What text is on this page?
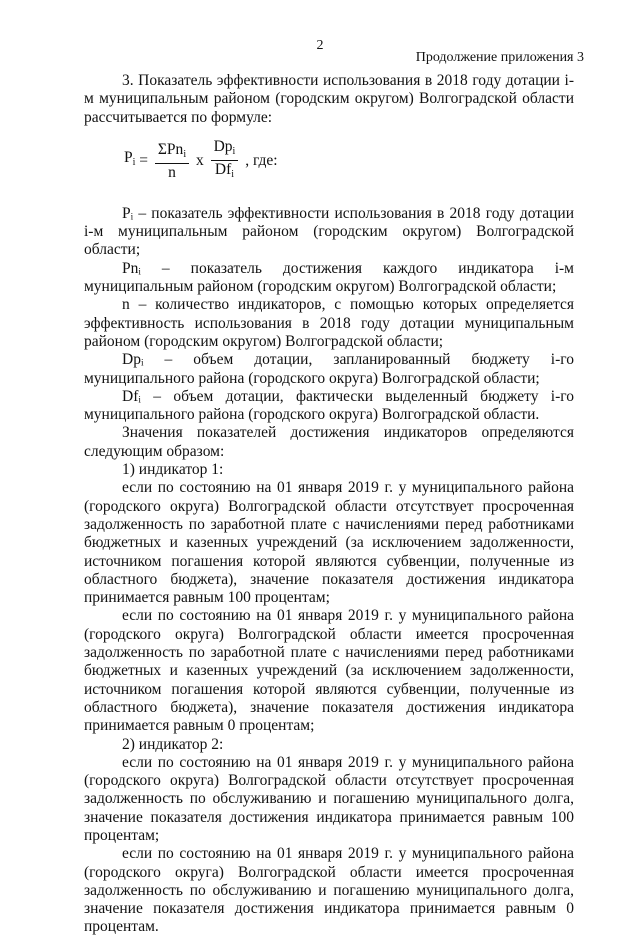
2
Продолжение приложения 3

3. Показатель эффективности использования в 2018 году дотации i-м муниципальным районом (городским округом) Волгоградской области рассчитывается по формуле:

$P_i = \frac{\Sigma Pn_i}{n}$ x $\frac{Dp_i}{Df_i}$ , где:

Pᵢ – показатель эффективности использования в 2018 году дотации i-м муниципальным районом (городским округом) Волгоградской области;

Pnᵢ – показатель достижения каждого индикатора i-м муниципальным районом (городским округом) Волгоградской области;

n – количество индикаторов, с помощью которых определяется эффективность использования в 2018 году дотации муниципальным районом (городским округом) Волгоградской области;

Dpᵢ – объем дотации, запланированный бюджету i-го муниципального района (городского округа) Волгоградской области;

Dfᵢ – объем дотации, фактически выделенный бюджету i-го муниципального района (городского округа) Волгоградской области.

Значения показателей достижения индикаторов определяются следующим образом:

1) индикатор 1:

если по состоянию на 01 января 2019 г. у муниципального района (городского округа) Волгоградской области отсутствует просроченная задолженность по заработной плате с начислениями перед работниками бюджетных и казенных учреждений (за исключением задолженности, источником погашения которой являются субвенции, полученные из областного бюджета), значение показателя достижения индикатора принимается равным 100 процентам;

если по состоянию на 01 января 2019 г. у муниципального района (городского округа) Волгоградской области имеется просроченная задолженность по заработной плате с начислениями перед работниками бюджетных и казенных учреждений (за исключением задолженности, источником погашения которой являются субвенции, полученные из областного бюджета), значение показателя достижения индикатора принимается равным 0 процентам;

2) индикатор 2:

если по состоянию на 01 января 2019 г. у муниципального района (городского округа) Волгоградской области отсутствует просроченная задолженность по обслуживанию и погашению муниципального долга, значение показателя достижения индикатора принимается равным 100 процентам;

если по состоянию на 01 января 2019 г. у муниципального района (городского округа) Волгоградской области имеется просроченная задолженность по обслуживанию и погашению муниципального долга, значение показателя достижения индикатора принимается равным 0 процентам.
